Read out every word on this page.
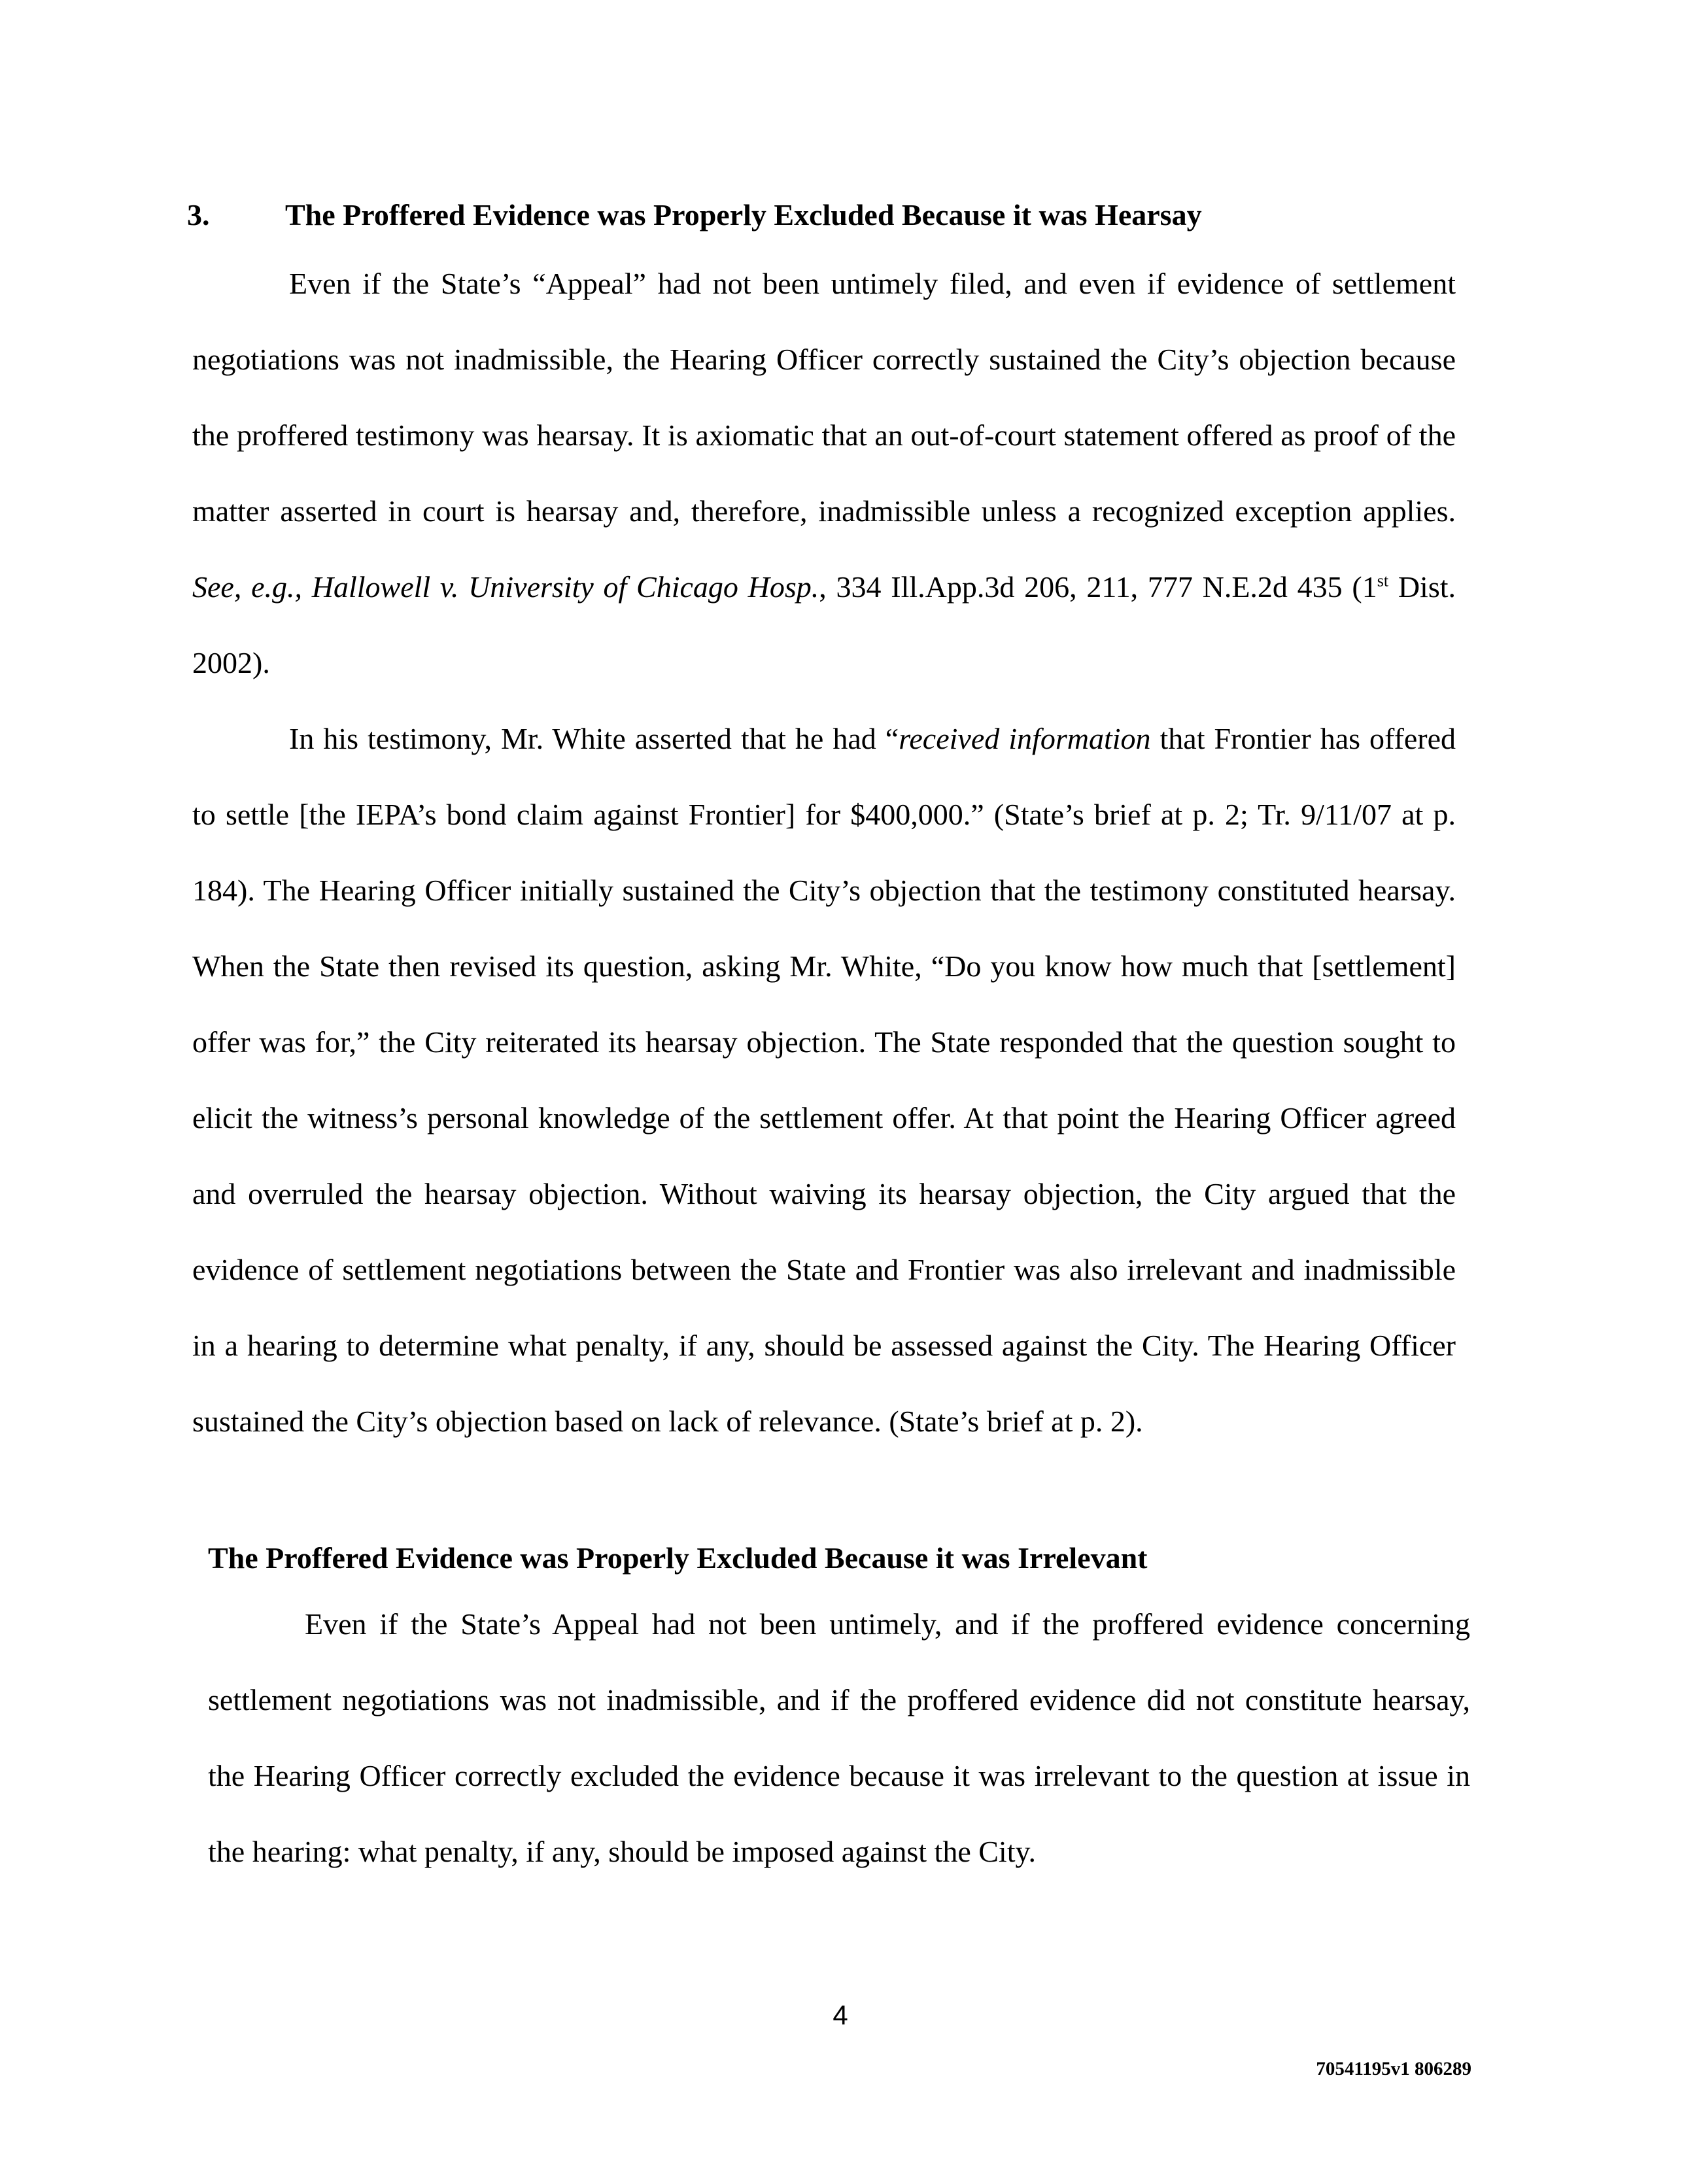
3.	The Proffered Evidence was Properly Excluded Because it was Hearsay
Even if the State’s “Appeal” had not been untimely filed, and even if evidence of settlement negotiations was not inadmissible, the Hearing Officer correctly sustained the City’s objection because the proffered testimony was hearsay. It is axiomatic that an out-of-court statement offered as proof of the matter asserted in court is hearsay and, therefore, inadmissible unless a recognized exception applies. See, e.g., Hallowell v. University of Chicago Hosp., 334 Ill.App.3d 206, 211, 777 N.E.2d 435 (1st Dist. 2002).
In his testimony, Mr. White asserted that he had “received information that Frontier has offered to settle [the IEPA’s bond claim against Frontier] for $400,000.” (State’s brief at p. 2; Tr. 9/11/07 at p. 184). The Hearing Officer initially sustained the City’s objection that the testimony constituted hearsay. When the State then revised its question, asking Mr. White, “Do you know how much that [settlement] offer was for,” the City reiterated its hearsay objection. The State responded that the question sought to elicit the witness’s personal knowledge of the settlement offer. At that point the Hearing Officer agreed and overruled the hearsay objection. Without waiving its hearsay objection, the City argued that the evidence of settlement negotiations between the State and Frontier was also irrelevant and inadmissible in a hearing to determine what penalty, if any, should be assessed against the City. The Hearing Officer sustained the City’s objection based on lack of relevance. (State’s brief at p. 2).
The Proffered Evidence was Properly Excluded Because it was Irrelevant
Even if the State’s Appeal had not been untimely, and if the proffered evidence concerning settlement negotiations was not inadmissible, and if the proffered evidence did not constitute hearsay, the Hearing Officer correctly excluded the evidence because it was irrelevant to the question at issue in the hearing: what penalty, if any, should be imposed against the City.
4
70541195v1 806289
